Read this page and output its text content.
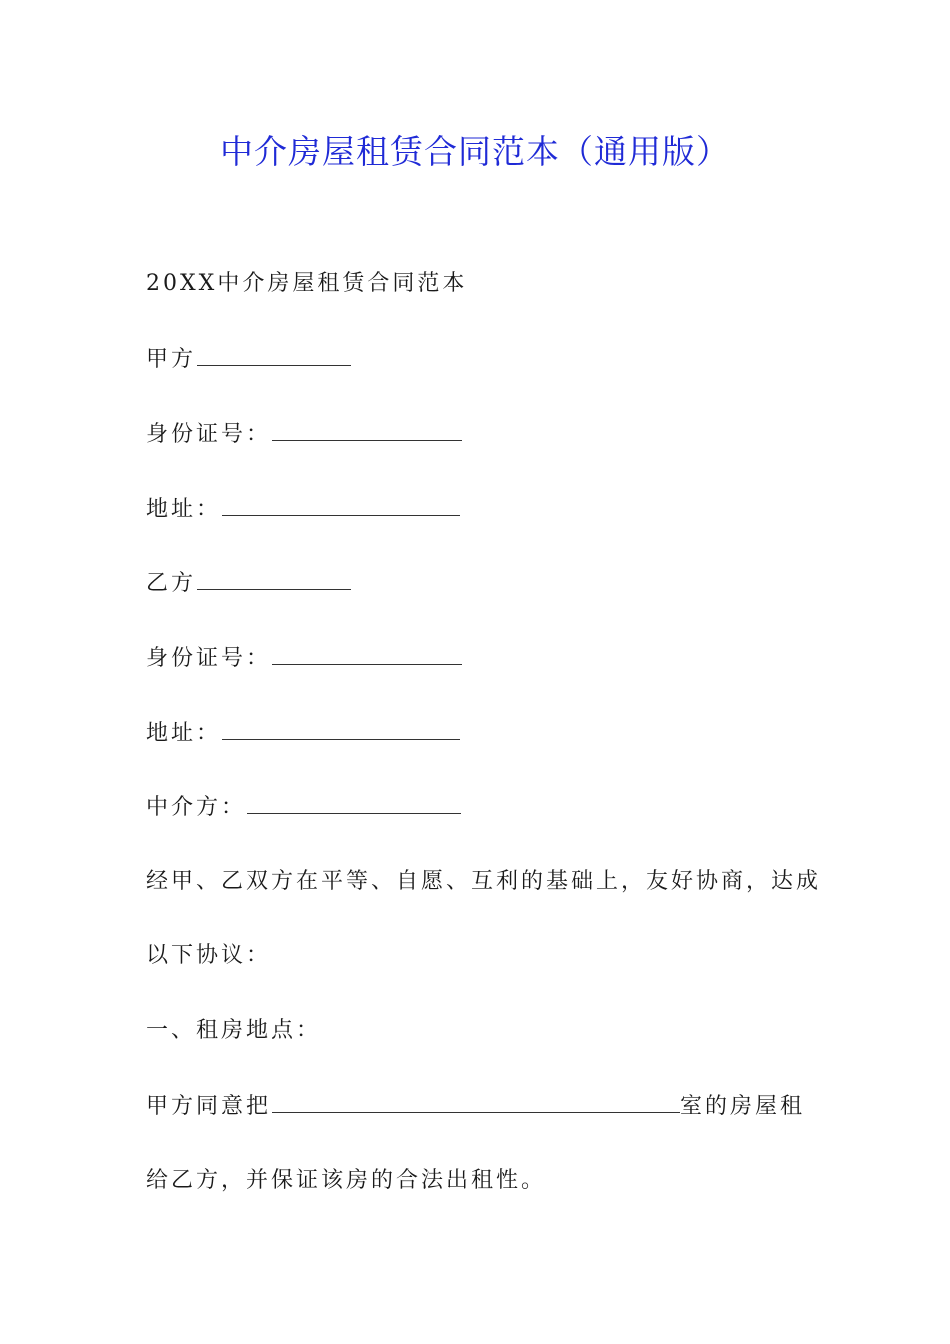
中介房屋租赁合同范本（通用版）
20XX中介房屋租赁合同范本
甲方
身份证号：
地址：
乙方
身份证号：
地址：
中介方：
经甲、乙双方在平等、自愿、互利的基础上，友好协商，达成
以下协议：
一、租房地点：
甲方同意把	室的房屋租
给乙方，并保证该房的合法出租性。
